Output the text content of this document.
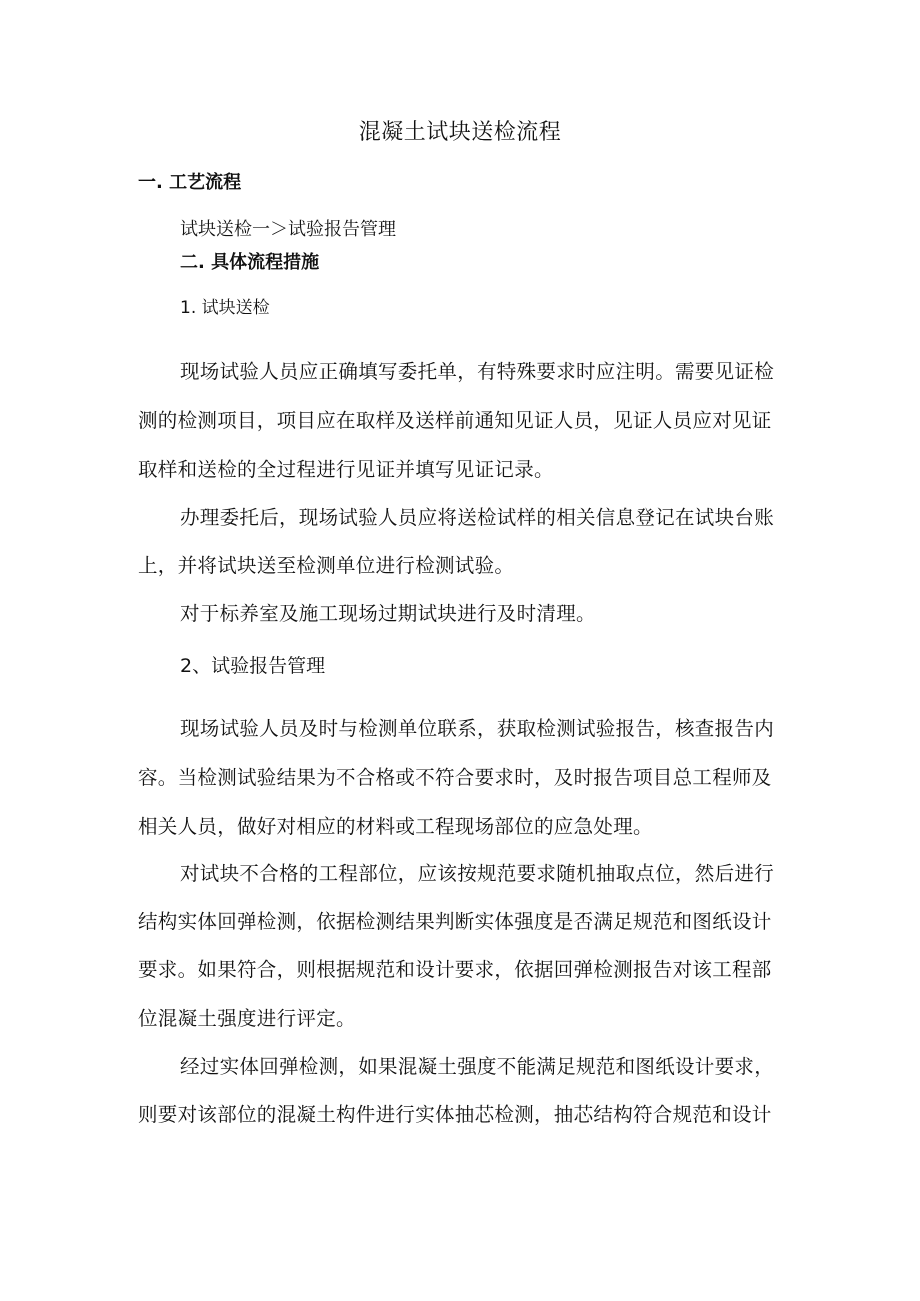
混凝土试块送检流程
一. 工艺流程
试块送检一＞试验报告管理
二. 具体流程措施
1. 试块送检
现场试验人员应正确填写委托单，有特殊要求时应注明。需要见证检
测的检测项目，项目应在取样及送样前通知见证人员，见证人员应对见证
取样和送检的全过程进行见证并填写见证记录。
办理委托后，现场试验人员应将送检试样的相关信息登记在试块台账
上，并将试块送至检测单位进行检测试验。
对于标养室及施工现场过期试块进行及时清理。
2、试验报告管理
现场试验人员及时与检测单位联系，获取检测试验报告，核查报告内
容。当检测试验结果为不合格或不符合要求时，及时报告项目总工程师及
相关人员，做好对相应的材料或工程现场部位的应急处理。
对试块不合格的工程部位，应该按规范要求随机抽取点位，然后进行
结构实体回弹检测，依据检测结果判断实体强度是否满足规范和图纸设计
要求。如果符合，则根据规范和设计要求，依据回弹检测报告对该工程部
位混凝土强度进行评定。
经过实体回弹检测，如果混凝土强度不能满足规范和图纸设计要求，
则要对该部位的混凝土构件进行实体抽芯检测，抽芯结构符合规范和设计
